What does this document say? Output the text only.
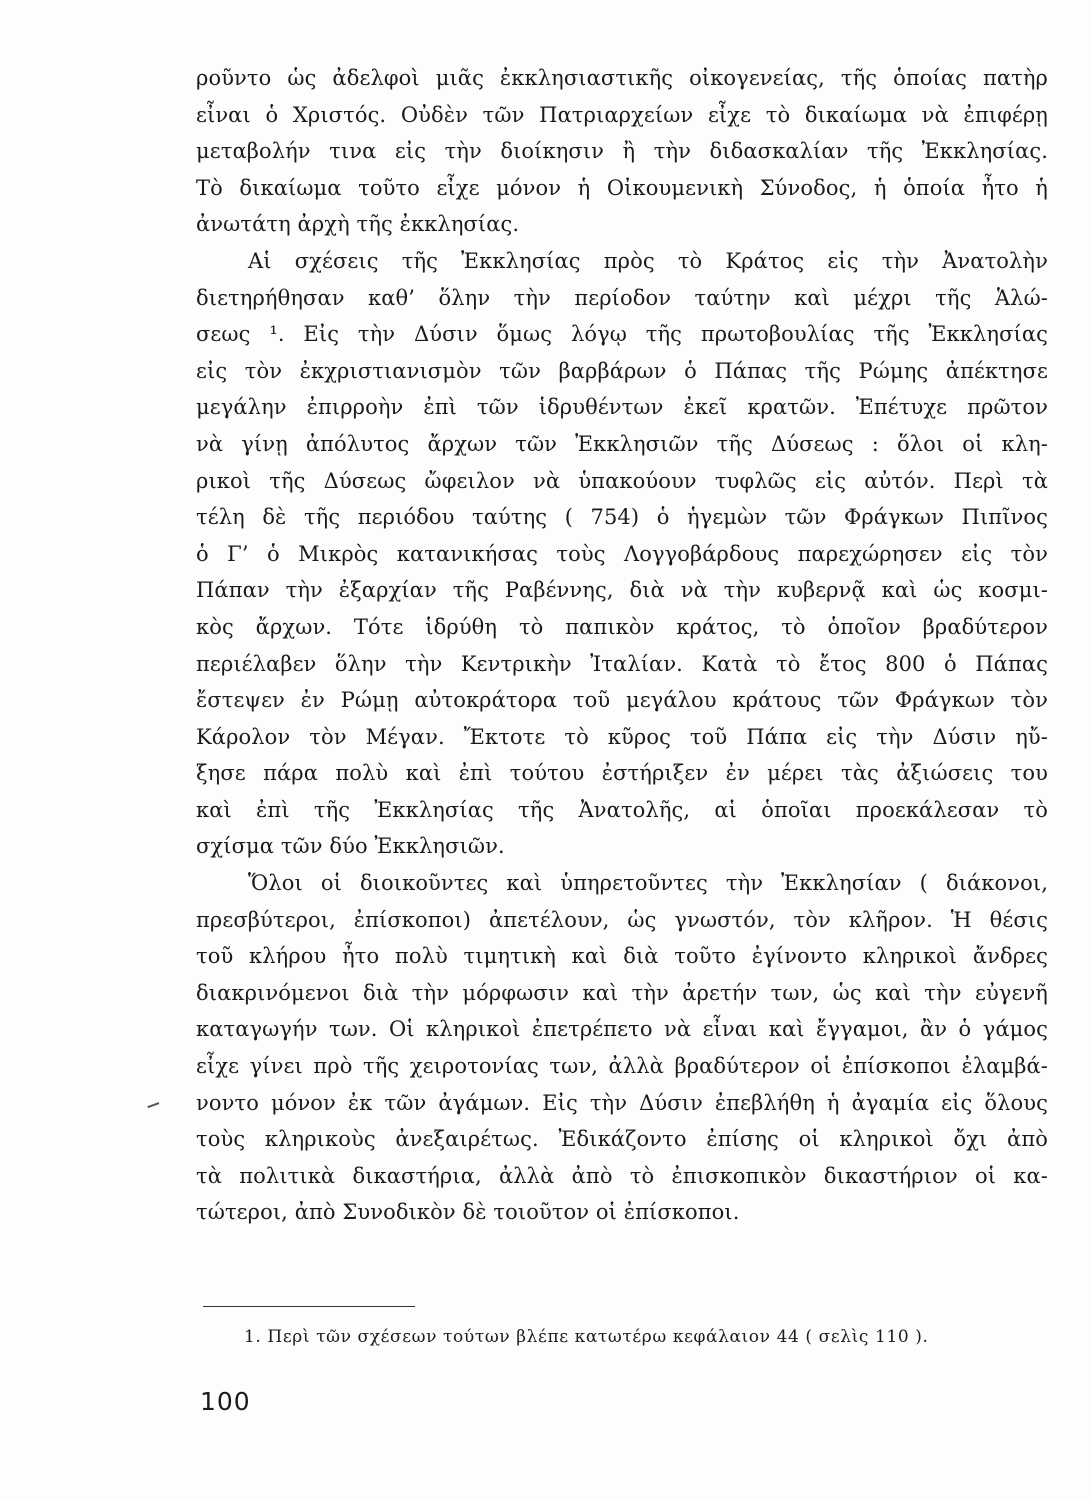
ροῦντο ὡς ἀδελφοὶ μιᾶς ἐκκλησιαστικῆς οἰκογενείας, τῆς ὁποίας πατὴρ
εἶναι ὁ Χριστός. Οὐδὲν τῶν Πατριαρχείων εἶχε τὸ δικαίωμα νὰ ἐπιφέρῃ
μεταβολήν τινα εἰς τὴν διοίκησιν ἢ τὴν διδασκαλίαν τῆς Ἐκκλησίας.
Τὸ δικαίωμα τοῦτο εἶχε μόνον ἡ Οἰκουμενικὴ Σύνοδος, ἡ ὁποία ἦτο ἡ
ἀνωτάτη ἀρχὴ τῆς ἐκκλησίας.
Αἱ σχέσεις τῆς Ἐκκλησίας πρὸς τὸ Κράτος εἰς τὴν Ἀνατολὴν
διετηρήθησαν καθ’ ὅλην τὴν περίοδον ταύτην καὶ μέχρι τῆς Ἁλώ-
σεως ¹. Εἰς τὴν Δύσιν ὅμως λόγῳ τῆς πρωτοβουλίας τῆς Ἐκκλησίας
εἰς τὸν ἐκχριστιανισμὸν τῶν βαρβάρων ὁ Πάπας τῆς Ρώμης ἀπέκτησε
μεγάλην ἐπιρροὴν ἐπὶ τῶν ἱδρυθέντων ἐκεῖ κρατῶν. Ἐπέτυχε πρῶτον
νὰ γίνῃ ἀπόλυτος ἄρχων τῶν Ἐκκλησιῶν τῆς Δύσεως : ὅλοι οἱ κλη-
ρικοὶ τῆς Δύσεως ὤφειλον νὰ ὑπακούουν τυφλῶς εἰς αὐτόν. Περὶ τὰ
τέλη δὲ τῆς περιόδου ταύτης ( 754) ὁ ἡγεμὼν τῶν Φράγκων Πιπῖνος
ὁ Γ’ ὁ Μικρὸς κατανικήσας τοὺς Λογγοβάρδους παρεχώρησεν εἰς τὸν
Πάπαν τὴν ἐξαρχίαν τῆς Ραβέννης, διὰ νὰ τὴν κυβερνᾷ καὶ ὡς κοσμι-
κὸς ἄρχων. Τότε ἱδρύθη τὸ παπικὸν κράτος, τὸ ὁποῖον βραδύτερον
περιέλαβεν ὅλην τὴν Κεντρικὴν Ἰταλίαν. Κατὰ τὸ ἔτος 800 ὁ Πάπας
ἔστεψεν ἐν Ρώμῃ αὐτοκράτορα τοῦ μεγάλου κράτους τῶν Φράγκων τὸν
Κάρολον τὸν Μέγαν. Ἔκτοτε τὸ κῦρος τοῦ Πάπα εἰς τὴν Δύσιν ηὔ-
ξησε πάρα πολὺ καὶ ἐπὶ τούτου ἐστήριξεν ἐν μέρει τὰς ἀξιώσεις του
καὶ ἐπὶ τῆς Ἐκκλησίας τῆς Ἀνατολῆς, αἱ ὁποῖαι προεκάλεσαν τὸ
σχίσμα τῶν δύο Ἐκκλησιῶν.
Ὅλοι οἱ διοικοῦντες καὶ ὑπηρετοῦντες τὴν Ἐκκλησίαν ( διάκονοι,
πρεσβύτεροι, ἐπίσκοποι) ἀπετέλουν, ὡς γνωστόν, τὸν κλῆρον. Ἡ θέσις
τοῦ κλήρου ἦτο πολὺ τιμητικὴ καὶ διὰ τοῦτο ἐγίνοντο κληρικοὶ ἄνδρες
διακρινόμενοι διὰ τὴν μόρφωσιν καὶ τὴν ἀρετήν των, ὡς καὶ τὴν εὐγενῆ
καταγωγήν των. Οἱ κληρικοὶ ἐπετρέπετο νὰ εἶναι καὶ ἔγγαμοι, ἂν ὁ γάμος
εἶχε γίνει πρὸ τῆς χειροτονίας των, ἀλλὰ βραδύτερον οἱ ἐπίσκοποι ἐλαμβά-
νοντο μόνον ἐκ τῶν ἀγάμων. Εἰς τὴν Δύσιν ἐπεβλήθη ἡ ἀγαμία εἰς ὅλους
τοὺς κληρικοὺς ἀνεξαιρέτως. Ἐδικάζοντο ἐπίσης οἱ κληρικοὶ ὄχι ἀπὸ
τὰ πολιτικὰ δικαστήρια, ἀλλὰ ἀπὸ τὸ ἐπισκοπικὸν δικαστήριον οἱ κα-
τώτεροι, ἀπὸ Συνοδικὸν δὲ τοιοῦτον οἱ ἐπίσκοποι.
1. Περὶ τῶν σχέσεων τούτων βλέπε κατωτέρω κεφάλαιον 44 ( σελὶς 110 ).
100
